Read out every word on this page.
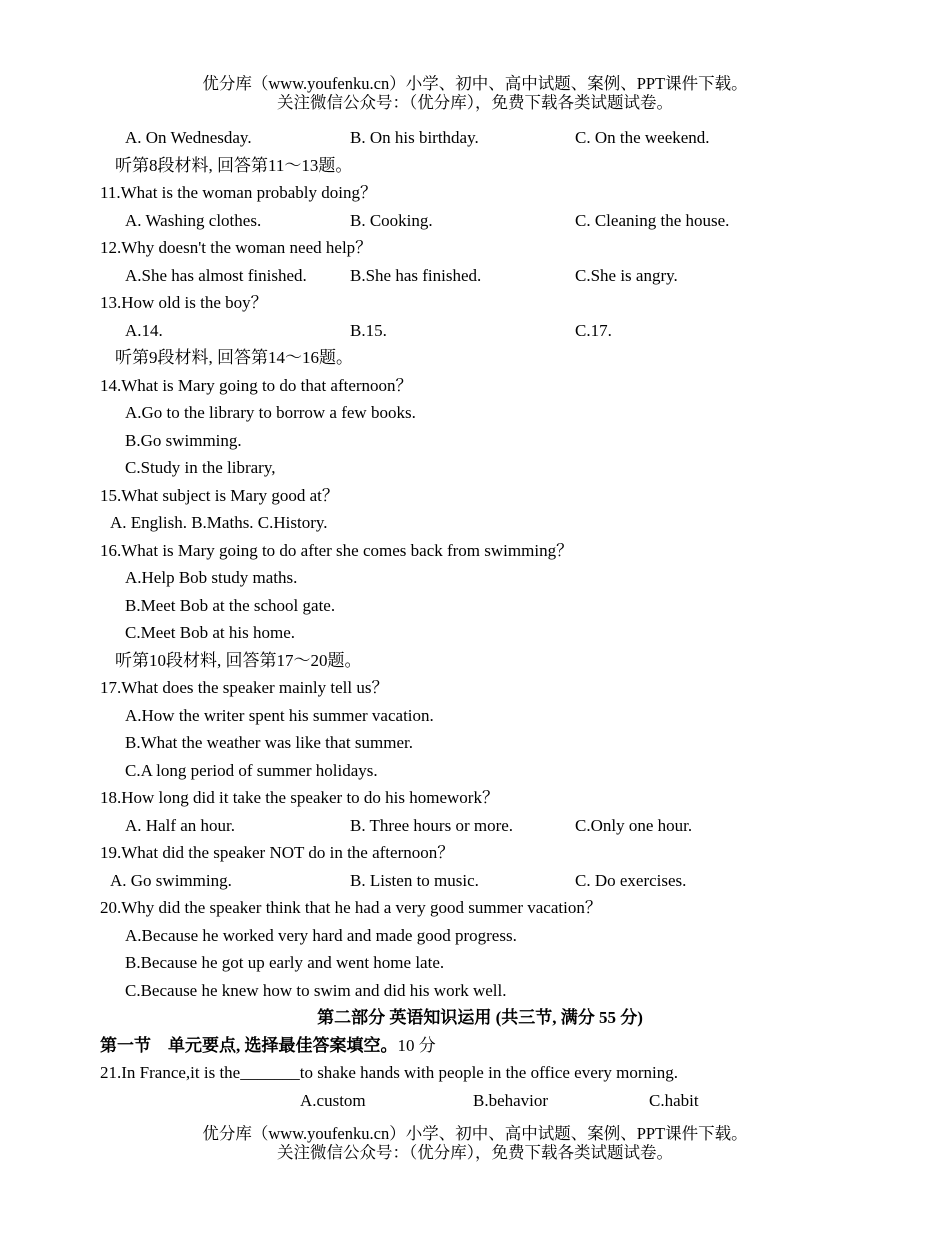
优分库（www.youfenku.cn）小学、初中、高中试题、案例、PPT课件下载。
关注微信公众号：（优分库），免费下载各类试题试卷。
A. On Wednesday.	B. On his birthday.	C. On the weekend.
听第8段材料, 回答第11～13题。
11.What is the woman probably doing？
A. Washing clothes.	B. Cooking.	C. Cleaning the house.
12.Why doesn't the woman need help？
A.She has almost finished.	B.She has finished.	C.She is angry.
13.How old is the boy？
A.14.	B.15.	C.17.
听第9段材料, 回答第14～16题。
14.What is Mary going to do that afternoon？
A.Go to the library to borrow a few books.
B.Go swimming.
C.Study in the library,
15.What subject is Mary good at？
A. English. B.Maths. C.History.
16.What is Mary going to do after she comes back from swimming？
A.Help Bob study maths.
B.Meet Bob at the school gate.
C.Meet Bob at his home.
听第10段材料, 回答第17～20题。
17.What does the speaker mainly tell us？
A.How the writer spent his summer vacation.
B.What the weather was like that summer.
C.A long period of summer holidays.
18.How long did it take the speaker to do his homework？
A. Half an hour.	B. Three hours or more.	C.Only one hour.
19.What did the speaker NOT do in the afternoon？
A. Go swimming.	B. Listen to music.	C. Do exercises.
20.Why did the speaker think that he had a very good summer vacation？
A.Because he worked very hard and made good progress.
B.Because he got up early and went home late.
C.Because he knew how to swim and did his work well.
第二部分 英语知识运用 (共三节, 满分 55 分)
第一节　单元要点, 选择最佳答案填空。10 分
21.In France,it is the_______to shake hands with people in the office every morning.
A.custom	B.behavior	C.habit
优分库（www.youfenku.cn）小学、初中、高中试题、案例、PPT课件下载。
关注微信公众号：（优分库），免费下载各类试题试卷。
